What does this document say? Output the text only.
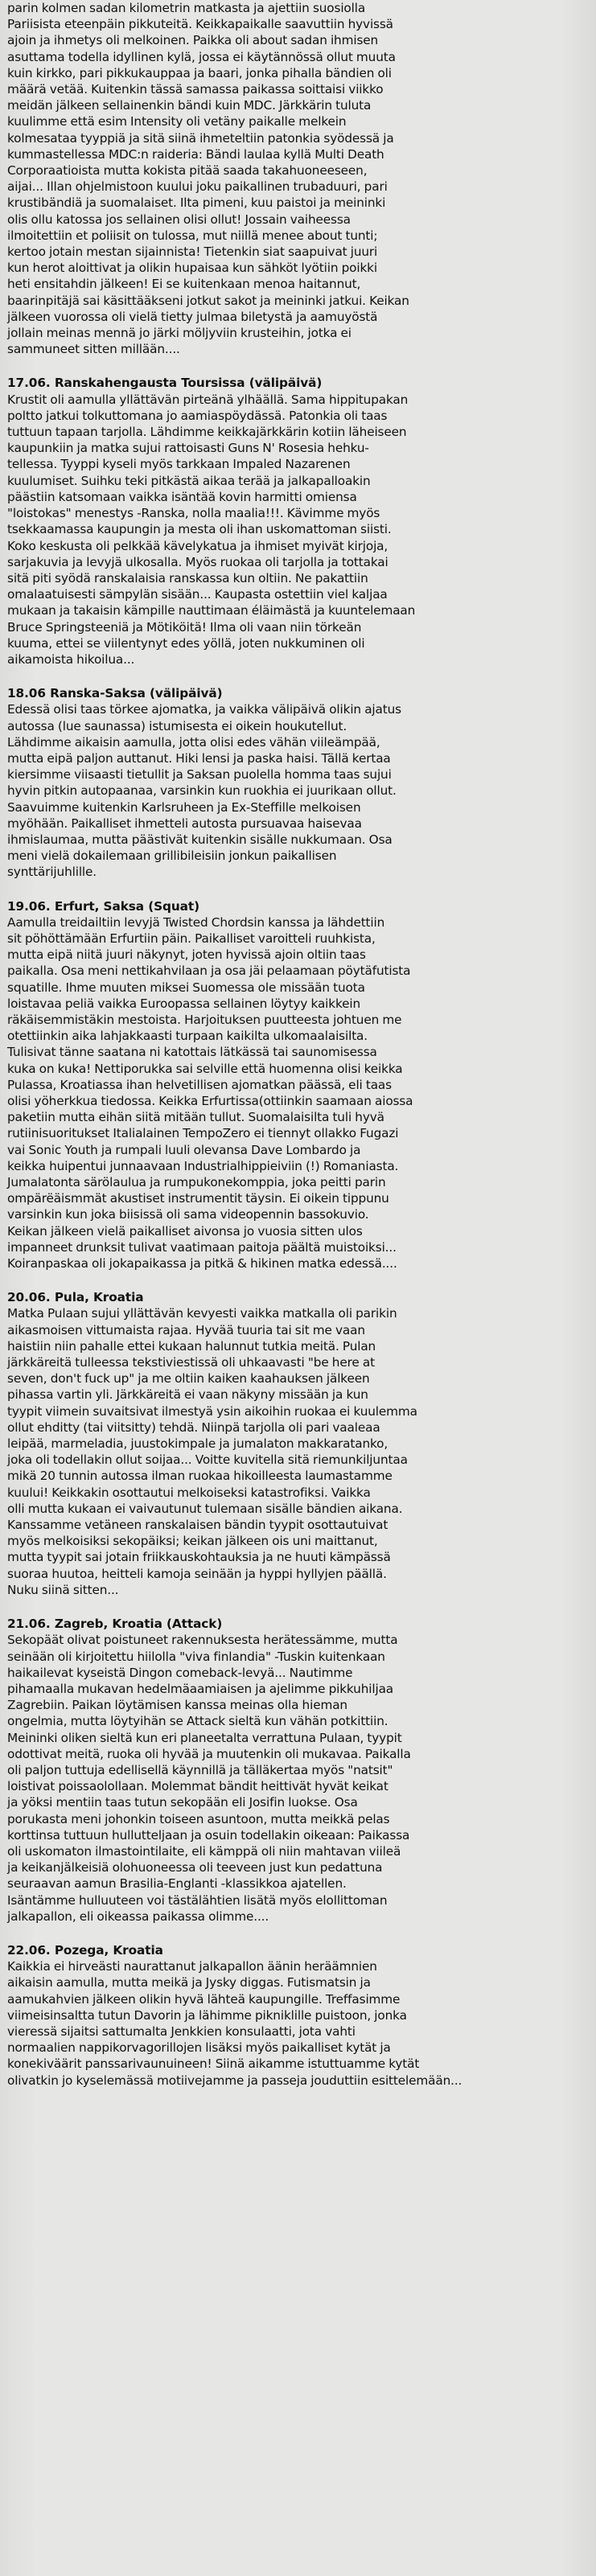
parin kolmen sadan kilometrin matkasta ja ajettiin suosiolla
Pariisista eteenpäin pikkuteitä. Keikkapaikalle saavuttiin hyvissä
ajoin ja ihmetys oli melkoinen. Paikka oli about sadan ihmisen
asuttama todella idyllinen kylä, jossa ei käytännössä ollut muuta
kuin kirkko, pari pikkukauppaa ja baari, jonka pihalla bändien oli
määrä vetää. Kuitenkin tässä samassa paikassa soittaisi viikko
meidän jälkeen sellainenkin bändi kuin MDC. Järkkärin tuluta
kuulimme että esim Intensity oli vetäny paikalle melkein
kolmesataa tyyppiä ja sitä siinä ihmeteltiin patonkia syödessä ja
kummastellessa MDC:n raideria: Bändi laulaa kyllä Multi Death
Corporaatioista mutta kokista pitää saada takahuoneeseen,
aijai... Illan ohjelmistoon kuului joku paikallinen trubaduuri, pari
krustibändiä ja suomalaiset. Ilta pimeni, kuu paistoi ja meininki
olis ollu katossa jos sellainen olisi ollut! Jossain vaiheessa
ilmoitettiin et poliisit on tulossa, mut niillä menee about tunti;
kertoo jotain mestan sijainnista! Tietenkin siat saapuivat juuri
kun herot aloittivat ja olikin hupaisaa kun sähköt lyötiin poikki
heti ensitahdin jälkeen! Ei se kuitenkaan menoa haitannut,
baarinpitäjä sai käsittääkseni jotkut sakot ja meininki jatkui. Keikan
jälkeen vuorossa oli vielä tietty julmaa biletystä ja aamuyöstä
jollain meinas mennä jo järki möljyviin krusteihin, jotka ei
sammuneet sitten millään....

17.06. Ranskahengausta Toursissa (välipäivä)

Krustit oli aamulla yllättävän pirteänä ylhäällä. Sama hippitupakan
poltto jatkui tolkuttomana jo aamiaspöydässä. Patonkia oli taas
tuttuun tapaan tarjolla. Lähdimme keikkajärkkärin kotiin läheiseen
kaupunkiin ja matka sujui rattoisasti Guns N' Rosesia hehku-
tellessa. Tyyppi kyseli myös tarkkaan Impaled Nazarenen
kuulumiset. Suihku teki pitkästä aikaa terää ja jalkapalloakin
päästiin katsomaan vaikka isäntää kovin harmitti omiensa
"loistokas" menestys -Ranska, nolla maalia!!!. Kävimme myös
tsekkaamassa kaupungin ja mesta oli ihan uskomattoman siisti.
Koko keskusta oli pelkkää kävelykatua ja ihmiset myivät kirjoja,
sarjakuvia ja levyjä ulkosalla. Myös ruokaa oli tarjolla ja tottakai
sitä piti syödä ranskalaisia ranskassa kun oltiin. Ne pakattiin
omalaatuisesti sämpylän sisään... Kaupasta ostettiin viel kaljaa
mukaan ja takaisin kämpille nauttimaan éläimästä ja kuuntelemaan
Bruce Springsteeniä ja Mötiköitä! Ilma oli vaan niin törkeän
kuuma, ettei se viilentynyt edes yöllä, joten nukkuminen oli
aikamoista hikoilua...

18.06 Ranska-Saksa (välipäivä)

Edessä olisi taas törkee ajomatka, ja vaikka välipäivä olikin ajatus
autossa (luе saunassa) istumisesta ei oikein houkutellut.
Lähdimme aikaisin aamulla, jotta olisi edes vähän viileämpää,
mutta eipä paljon auttanut. Hiki lensi ja paska haisi. Tällä kertaa
kiersimme viisaasti tietullit ja Saksan puolella homma taas sujui
hyvin pitkin autopaanaa, varsinkin kun ruokhia ei juurikaan ollut.
Saavuimme kuitenkin Karlsruheen ja Ex-Steffille melkoisen
myöhään. Paikalliset ihmetteli autosta pursuavaa haisevaa
ihmislaumaa, mutta päästivät kuitenkin sisälle nukkumaan. Osa
meni vielä dokailemaan grillibileisiin jonkun paikallisen
synttärijuhlille.

19.06. Erfurt, Saksa (Squat)

Aamulla treidailtiin levyjä Twisted Chordsin kanssa ja lähdettiin
sit pöhöttämään Erfurtiin päin. Paikalliset varoitteli ruuhkista,
mutta eipä niitä juuri näkynyt, joten hyvissä ajoin oltiin taas
paikalla. Osa meni nettikahvilaan ja osa jäi pelaamaan pöytäfutista
squatille. Ihme muuten miksei Suomessa ole missään tuota
loistavaa peliä vaikka Euroopassa sellainen löytyy kaikkein
räkäisemmistäkin mestoista. Harjoituksen puutteesta johtuen me
otettiinkin aika lahjakkaasti turpaan kaikilta ulkomaalaisilta.
Tulisivat tänne saatana ni katottais lätkässä tai saunomisessa
kuka on kuka! Nettiporukka sai selville että huomenna olisi keikka
Pulassa, Kroatiassa ihan helvetillisen ajomatkan päässä, eli taas
olisi yöherkkua tiedossa. Keikka Erfurtissa(ottiinkin saamaan aiossa
paketiin mutta eihän siitä mitään tullut. Suomalaisilta tuli hyvä
rutiinisuoritukset Italialainen TempoZero ei tiennyt ollakko Fugazi
vai Sonic Youth ja rumpali luuli olevansa Dave Lombardo ja
keikka huipentui junnaavaan Industrialhippieiviin (!) Romaniasta.
Jumalatonta särölaulua ja rumpukonekomppia, joka peitti parin
ompärëäismmät akustiset instrumentit täysin. Ei oikein tippunu
varsinkin kun joka biisissä oli sama videopennin bassokuvio.
Keikan jälkeen vielä paikalliset aivonsa jo vuosia sitten ulos
impanneet drunksit tulivat vaatimaan paitoja päältä muistoiksi...
Koiranpaskaa oli jokapaikassa ja pitkä & hikinen matka edessä....

20.06. Pula, Kroatia

Matka Pulaan sujui yllättävän kevyesti vaikka matkalla oli parikin
aikasmoisen vittumaista rajaa. Hyvää tuuria tai sit me vaan
haistiin niin pahalle ettei kukaan halunnut tutkia meitä. Pulan
järkkäreitä tulleessa tekstiviestissä oli uhkaavasti "be here at
seven, don't fuck up" ja me oltiin kaiken kaahauksen jälkeen
pihassa vartin yli. Järkkäreitä ei vaan näkyny missään ja kun
tyypit viimein suvaitsivat ilmestyä ysin aikoihin ruokaa ei kuulemma
ollut ehditty (tai viitsitty) tehdä. Niinpä tarjolla oli pari vaaleaa
leipää, marmeladia, juustokimpale ja jumalaton makkaratanko,
joka oli todellakin ollut soijaa... Voitte kuvitella sitä riemunkiljuntaa
mikä 20 tunnin autossa ilman ruokaa hikoilleesta laumastamme
kuului! Keikkakin osottautui melkoiseksi katastrofiksi. Vaikka
olli mutta kukaan ei vaivautunut tulemaan sisälle bändien aikana.
Kanssamme vetäneen ranskalaisen bändin tyypit osottautuivat
myös melkoisiksi sekopäiksi; keikan jälkeen ois uni maittanut,
mutta tyypit sai jotain friikkauskohtauksia ja ne huuti kämpässä
suoraa huutoa, heitteli kamoja seinään ja hyppi hyllyjen päällä.
Nuku siinä sitten...

21.06. Zagreb, Kroatia (Attack)

Sekopäät olivat poistuneet rakennuksesta herätessämme, mutta
seinään oli kirjoitettu hiilolla "viva finlandia" -Tuskin kuitenkaan
haikailevat kyseistä Dingon comeback-levyä... Nautimme
pihamaalla mukavan hedelmäaamiaisen ja ajelimme pikkuhiljaa
Zagrebiin. Paikan löytämisen kanssa meinas olla hieman
ongelmia, mutta löytyihän se Attack sieltä kun vähän potkittiin.
Meininki oliken sieltä kun eri planeetalta verrattuna Pulaan, tyypit
odottivat meitä, ruoka oli hyvää ja muutenkin oli mukavaa. Paikalla
oli paljon tuttuja edellisellä käynnillä ja tälläkertaa myös "natsit"
loistivat poissaolollaan. Molemmat bändit heittivät hyvät keikat
ja yöksi mentiin taas tutun sekopään eli Josifin luokse. Osa
porukasta meni johonkin toiseen asuntoon, mutta meikkä pelas
korttinsa tuttuun hullutteljaan ja osuin todellakin oikeaan: Paikassa
oli uskomaton ilmastointilaite, eli kämppä oli niin mahtavan viileä
ja keikanjälkeisiä olohuoneessa oli teeveen just kun pedattuna
seuraavan aamun Brasilia-Englanti -klassikkoa ajatellen.
Isäntämme hulluuteen voi tästälähtien lisätä myös elollittoman
jalkapallon, eli oikeassa paikassa olimme....

22.06. Pozega, Kroatia

Kaikkia ei hirveästi naurattanut jalkapallon äänin heräämnien
aikaisin aamulla, mutta meikä ja Jysky diggas. Futismatsin ja
aamukahvien jälkeen olikin hyvä lähteä kaupungille. Treffasimme
viimeisinsaltta tutun Davorin ja lähimme pikniklille puistoon, jonka
vieressä sijaitsi sattumalta Jenkkien konsulaatti, jota vahti
normaalien nappikorvagorillojen lisäksi myös paikalliset kytät ja
konekiväärit panssarivaunuineen! Siinä aikamme istuttuamme kytät
olivatkin jo kyselemässä motiivejamme ja passeja jouduttiin esittelemään...
